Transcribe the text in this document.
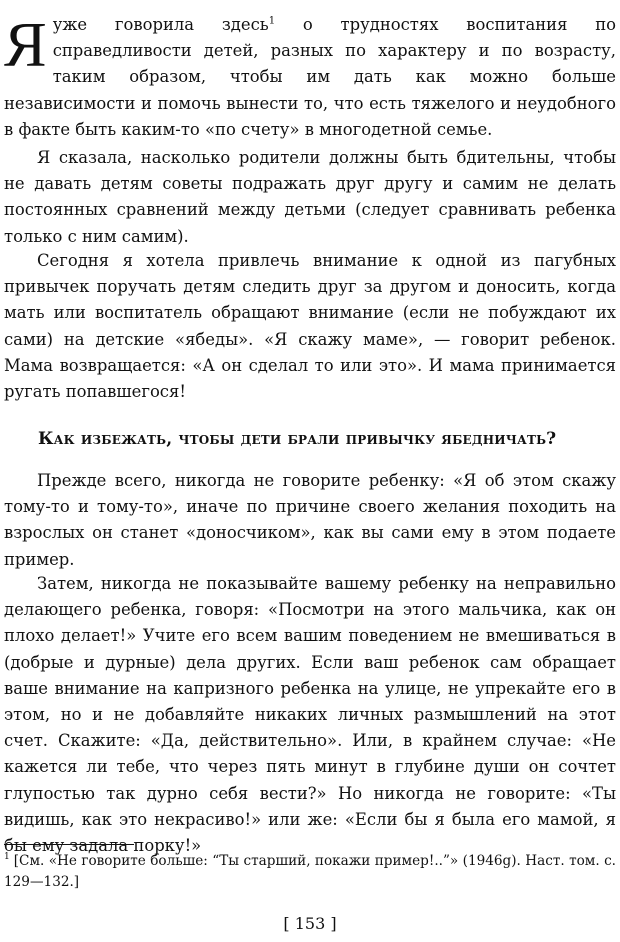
Яуже говорила здесь$^1$ о трудностях воспитания по справедливости детей, разных по характеру и по возрасту, таким образом, чтобы им дать как можно больше независимости и помочь вынести то, что есть тяжелого и неудобного в факте быть каким-то «по счету» в многодетной семье.

Я сказала, насколько родители должны быть бдительны, чтобы не давать детям советы подражать друг другу и самим не делать постоянных сравнений между детьми (следует сравнивать ребенка только с ним самим).

Сегодня я хотела привлечь внимание к одной из пагубных привычек поручать детям следить друг за другом и доносить, когда мать или воспитатель обращают внимание (если не побуждают их сами) на детские «ябеды». «Я скажу маме», — говорит ребенок. Мама возвращается: «А он сделал то или это». И мама принимается ругать попавшегося!

Как избежать, чтобы дети брали привычку ябедничать?

Прежде всего, никогда не говорите ребенку: «Я об этом скажу тому-то и тому-то», иначе по причине своего желания походить на взрослых он станет «доносчиком», как вы сами ему в этом подаете пример.

Затем, никогда не показывайте вашему ребенку на неправильно делающего ребенка, говоря: «Посмотри на этого мальчика, как он плохо делает!» Учите его всем вашим поведением не вмешиваться в (добрые и дурные) дела других. Если ваш ребенок сам обращает ваше внимание на капризного ребенка на улице, не упрекайте его в этом, но и не добавляйте никаких личных размышлений на этот счет. Скажите: «Да, действительно». Или, в крайнем случае: «Не кажется ли тебе, что через пять минут в глубине души он сочтет глупостью так дурно себя вести?» Но никогда не говорите: «Ты видишь, как это некрасиво!» или же: «Если бы я была его мамой, я бы ему задала порку!»

$^1$ [См. «Не говорите больше: “Ты старший, покажи пример!..”» (1946g). Наст. том. с. 129—132.]

[ 153 ]
